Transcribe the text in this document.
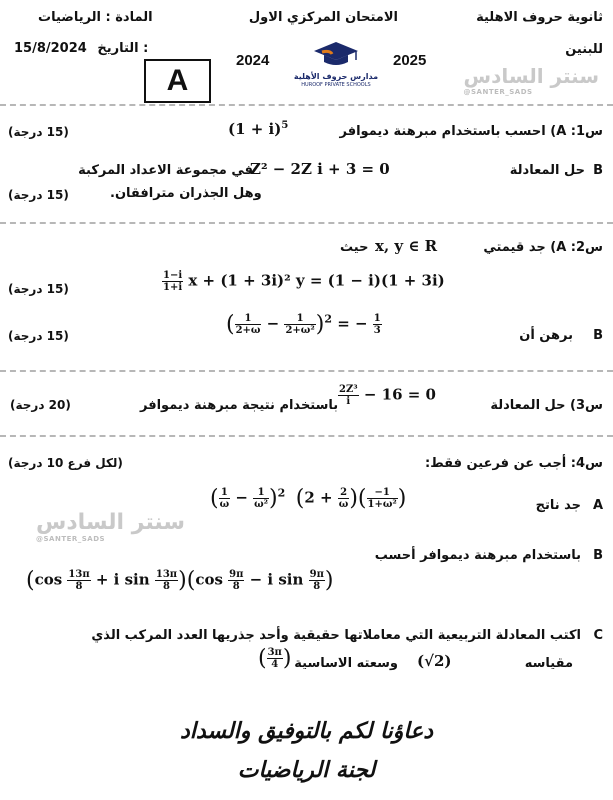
ثانوية حروف الاهلية
للبنين
الامتحان المركزي الاول
المادة : الرياضيات
15/8/2024 التاريخ :
2024	2025
A	مدارس حروف الأهلية
HUROOF PRIVATE SCHOOLS	سنتر السادس
@SANTER_SADS
س1: A) احسب باستخدام مبرهنة ديموافر
$(1 + i)^5$
(15 درجة)
B
حل المعادلة
Z² − 2Z i + 3 = 0
في مجموعة الاعداد المركبة
وهل الجذران مترافقان.
(15 درجة)
س2: A) جد قيمتي
x, y ∈ R
حيث
$\frac{1-i}{1+i}$ x + (1 + 3i)² y = (1 − i)(1 + 3i)
(15 درجة)
B
برهن أن
( $\frac{1}{2+\omega} - \frac{1}{\text{2+ω²}} )^2$ = − $\frac{1}{3}$
(15 درجة)
س3) حل المعادلة
$\frac{\text{2Z³}}{i} - 16 = 0$
باستخدام نتيجة مبرهنة ديموافر
(20 درجة)
س4: أجب عن فرعين فقط:
(لكل فرع 10 درجة)
A
جد ناتج
( $\frac{1}{\omega} - \frac{1}{\text{ω²}} )^2$ ($2 + \frac{2}{\omega}$ )( $\frac{-1}{\text{1+ω²}}$ )
سنتر السادس
@SANTER_SADS
B
باستخدام مبرهنة ديموافر أحسب
($\cos \frac{13\pi}{8} + i$ $\sin \frac{13\pi}{8} )(\cos \frac{9\pi}{8} - i$ $\sin \frac{9\pi}{8}$ )
C
اكتب المعادلة التربيعية التي معاملاتها حقيقية وأحد جذريها العدد المركب الذي
مقياسه
(√2)
وسعته الاساسية
( $\frac{3\pi}{4}$ )
دعاؤنا لكم بالتوفيق والسداد
لجنة الرياضيات
